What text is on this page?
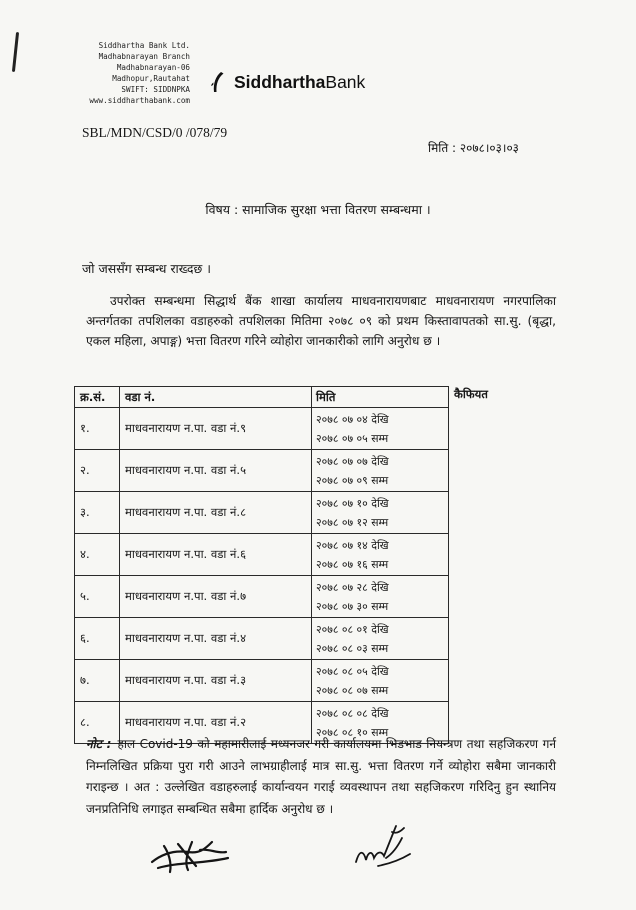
Siddhartha Bank Ltd.
Madhabnarayan Branch
Madhabnarayan-06
Madhopur,Rautahat
SWIFT: SIDDNPKA
www.siddharthabank.com
SiddharthaBank
SBL/MDN/CSD/0 /078/79
मिति : २०७८।०३।०३
विषय : सामाजिक सुरक्षा भत्ता वितरण सम्बन्धमा ।
जो जससँग सम्बन्ध राख्दछ ।
उपरोक्त सम्बन्धमा सिद्धार्थ बैंक शाखा कार्यालय माधवनारायणबाट माधवनारायण नगरपालिका अन्तर्गतका तपशिलका वडाहरुको तपशिलका मितिमा २०७८ ०९ को प्रथम किस्तावापतको सा.सु. (बृद्धा, एकल महिला, अपाङ्ग) भत्ता वितरण गरिने व्योहोरा जानकारीको लागि अनुरोध छ ।
क्र.सं.	वडा नं.	मिति	कैफियत
१.	माधवनारायण न.पा. वडा नं.९	२०७८ ०७ ०४ देखि
२०७८ ०७ ०५ सम्म	

२.	माधवनारायण न.पा. वडा नं.५	२०७८ ०७ ०७ देखि
२०७८ ०७ ०९ सम्म	

३.	माधवनारायण न.पा. वडा नं.८	२०७८ ०७ १० देखि
२०७८ ०७ १२ सम्म	

४.	माधवनारायण न.पा. वडा नं.६	२०७८ ०७ १४ देखि
२०७८ ०७ १६ सम्म	

५.	माधवनारायण न.पा. वडा नं.७	२०७८ ०७ २८ देखि
२०७८ ०७ ३० सम्म	

६.	माधवनारायण न.पा. वडा नं.४	२०७८ ०८ ०१ देखि
२०७८ ०८ ०३ सम्म	

७.	माधवनारायण न.पा. वडा नं.३	२०७८ ०८ ०५ देखि
२०७८ ०८ ०७ सम्म	

८.	माधवनारायण न.पा. वडा नं.२	२०७८ ०८ ०८ देखि
२०७८ ०८ १० सम्म	

नोट : हाल Covid-19 को महामारीलाई मध्यनजर गरी कार्यालयमा भिडभाड नियन्त्रण तथा सहजिकरण गर्न निम्नलिखित प्रक्रिया पुरा गरी आउने लाभग्राहीलाई मात्र सा.सु. भत्ता वितरण गर्ने व्योहोरा सबैमा जानकारी गराइन्छ । अत : उल्लेखित वडाहरुलाई कार्यान्वयन गराई व्यवस्थापन तथा सहजिकरण गरिदिनु हुन स्थानिय जनप्रतिनिधि लगाइत सम्बन्धित सबैमा हार्दिक अनुरोध छ ।
